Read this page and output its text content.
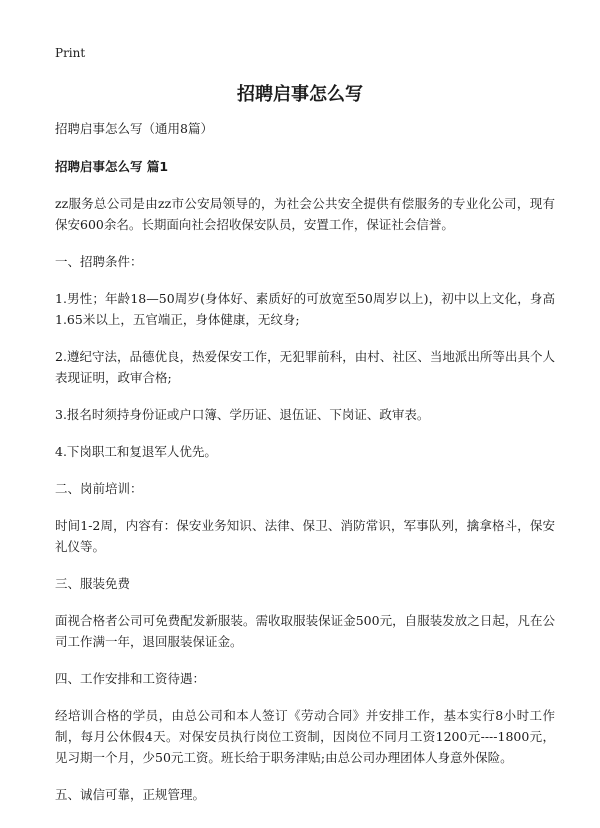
Print
招聘启事怎么写

招聘启事怎么写（通用8篇）

招聘启事怎么写 篇1

zz服务总公司是由zz市公安局领导的，为社会公共安全提供有偿服务的专业化公司，现有保安600余名。长期面向社会招收保安队员，安置工作，保证社会信誉。

一、招聘条件：

1.男性；年龄18—50周岁(身体好、素质好的可放宽至50周岁以上)，初中以上文化，身高1.65米以上，五官端正，身体健康，无纹身;

2.遵纪守法，品德优良，热爱保安工作，无犯罪前科，由村、社区、当地派出所等出具个人表现证明，政审合格;

3.报名时须持身份证或户口簿、学历证、退伍证、下岗证、政审表。

4.下岗职工和复退军人优先。

二、岗前培训：

时间1-2周，内容有：保安业务知识、法律、保卫、消防常识，军事队列，擒拿格斗，保安礼仪等。

三、服装免费

面视合格者公司可免费配发新服装。需收取服装保证金500元，自服装发放之日起，凡在公司工作满一年，退回服装保证金。

四、工作安排和工资待遇：

经培训合格的学员，由总公司和本人签订《劳动合同》并安排工作，基本实行8小时工作制，每月公休假4天。对保安员执行岗位工资制，因岗位不同月工资1200元----1800元，见习期一个月，少50元工资。班长给于职务津贴;由总公司办理团体人身意外保险。

五、诚信可靠，正规管理。
